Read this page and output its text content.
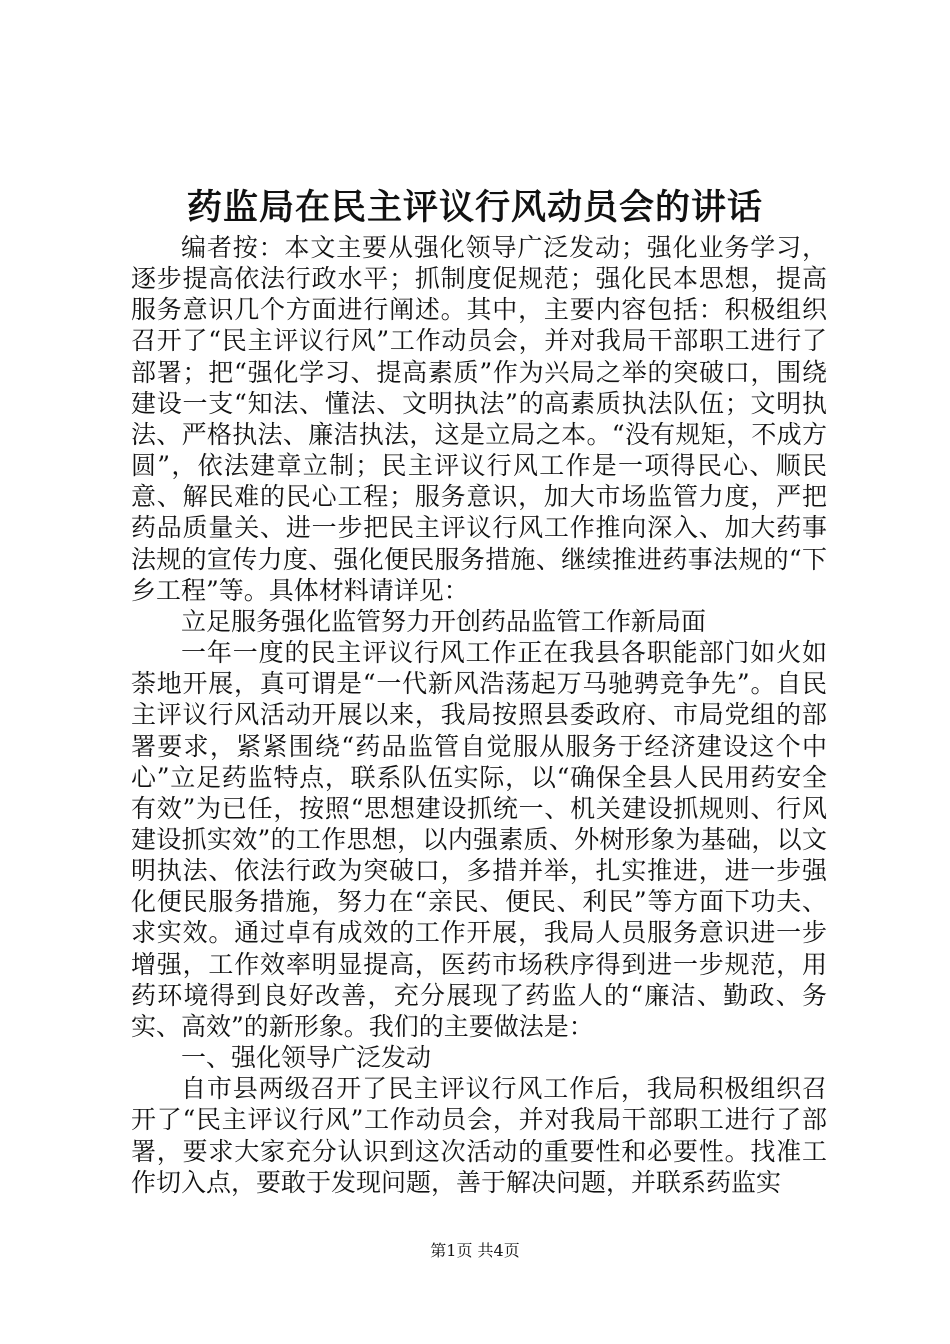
药监局在民主评议行风动员会的讲话

编者按：本文主要从强化领导广泛发动；强化业务学习，逐步提高依法行政水平；抓制度促规范；强化民本思想，提高服务意识几个方面进行阐述。其中，主要内容包括：积极组织召开了“民主评议行风”工作动员会，并对我局干部职工进行了部署；把“强化学习、提高素质”作为兴局之举的突破口，围绕建设一支“知法、懂法、文明执法”的高素质执法队伍；文明执法、严格执法、廉洁执法，这是立局之本。“没有规矩，不成方圆”，依法建章立制；民主评议行风工作是一项得民心、顺民意、解民难的民心工程；服务意识，加大市场监管力度，严把药品质量关、进一步把民主评议行风工作推向深入、加大药事法规的宣传力度、强化便民服务措施、继续推进药事法规的“下乡工程”等。具体材料请详见：

立足服务强化监管努力开创药品监管工作新局面

一年一度的民主评议行风工作正在我县各职能部门如火如荼地开展，真可谓是“一代新风浩荡起万马驰骋竞争先”。自民主评议行风活动开展以来，我局按照县委政府、市局党组的部署要求，紧紧围绕“药品监管自觉服从服务于经济建设这个中心”立足药监特点，联系队伍实际，以“确保全县人民用药安全有效”为已任，按照“思想建设抓统一、机关建设抓规则、行风建设抓实效”的工作思想，以内强素质、外树形象为基础，以文明执法、依法行政为突破口，多措并举，扎实推进，进一步强化便民服务措施，努力在“亲民、便民、利民”等方面下功夫、求实效。通过卓有成效的工作开展，我局人员服务意识进一步增强，工作效率明显提高，医药市场秩序得到进一步规范，用药环境得到良好改善，充分展现了药监人的“廉洁、勤政、务实、高效”的新形象。我们的主要做法是：

一、强化领导广泛发动

自市县两级召开了民主评议行风工作后，我局积极组织召开了“民主评议行风”工作动员会，并对我局干部职工进行了部署，要求大家充分认识到这次活动的重要性和必要性。找准工作切入点，要敢于发现问题，善于解决问题，并联系药监实

第1页 共4页
